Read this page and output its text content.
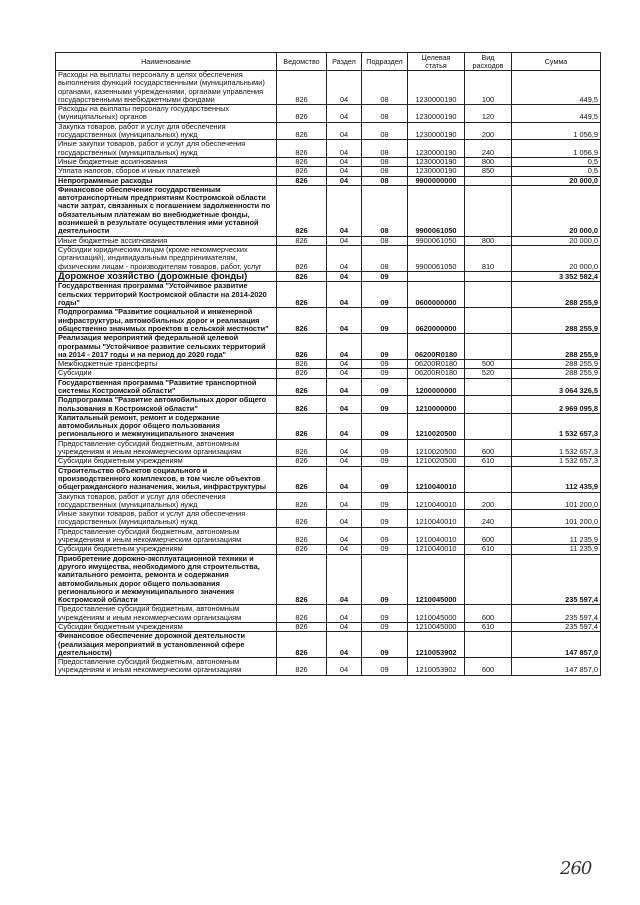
Наименование	Ведомство	Раздел	Подраздел	Целевая статья	Вид расходов	Сумма
Расходы на выплаты персоналу в целях обеспечения выполнения функций государственными (муниципальными) органами, казенными учреждениями, органами управления государственными внебюджетными фондами	826	04	08	1230000190	100	449,5
Расходы на выплаты персоналу государственных (муниципальных) органов	826	04	08	1230000190	120	449,5
Закупка товаров, работ и услуг для обеспечения государственных (муниципальных) нужд	826	04	08	1230000190	200	1 056,9
Иные закупки товаров, работ и услуг для обеспечения государственных (муниципальных) нужд	826	04	08	1230000190	240	1 056,9
Иные бюджетные ассигнования	826	04	08	1230000190	800	0,5
Уплата налогов, сборов и иных платежей	826	04	08	1230000190	850	0,5
Непрограммные расходы	826	04	08	9900000000		20 000,0
Финансовое обеспечение государственным автотранспортным предприятиям Костромской области части затрат, связанных с погашением задолженности по обязательным платежам во внебюджетные фонды, возникшей в результате осуществления ими уставной деятельности	826	04	08	9900061050		20 000,0
Иные бюджетные ассигнования	826	04	08	9900061050	800	20 000,0
Субсидии юридическим лицам (кроме некоммерческих организаций), индивидуальным предпринимателям, физическим лицам - производителям товаров, работ, услуг	826	04	08	9900061050	810	20 000,0
Дорожное хозяйство (дорожные фонды)	826	04	09			3 352 582,4
Государственная программа "Устойчивое развитие сельских территорий Костромской области на 2014-2020 годы"	826	04	09	0600000000		288 255,9
Подпрограмма "Развитие социальной и инженерной инфраструктуры, автомобильных дорог и реализация общественно значимых проектов в сельской местности"	826	04	09	0620000000		288 255,9
Реализация мероприятий федеральной целевой программы "Устойчивое развитие сельских территорий на 2014 - 2017 годы и на период до 2020 года"	826	04	09	06200R0180		288 255,9
Межбюджетные трансферты	826	04	09	06200R0180	500	288 255,9
Субсидии	826	04	09	06200R0180	520	288 255,9
Государственная программа "Развитие транспортной системы Костромской области"	826	04	09	1200000000		3 064 326,5
Подпрограмма "Развитие автомобильных дорог общего пользования в Костромской области"	826	04	09	1210000000		2 969 095,8
Капитальный ремонт, ремонт и содержание автомобильных дорог общего пользования регионального и межмуниципального значения	826	04	09	1210020500		1 532 657,3
Предоставление субсидий бюджетным, автономным учреждениям и иным некоммерческим организациям	826	04	09	1210020500	600	1 532 657,3
Субсидии бюджетным учреждениям	826	04	09	1210020500	610	1 532 657,3
Строительство объектов социального и производственного комплексов, в том числе объектов общегражданского назначения, жилья, инфраструктуры	826	04	09	1210040010		112 435,9
Закупка товаров, работ и услуг для обеспечения государственных (муниципальных) нужд	826	04	09	1210040010	200	101 200,0
Иные закупки товаров, работ и услуг для обеспечения государственных (муниципальных) нужд	826	04	09	1210040010	240	101 200,0
Предоставление субсидий бюджетным, автономным учреждениям и иным некоммерческим организациям	826	04	09	1210040010	600	11 235,9
Субсидии бюджетным учреждениям	826	04	09	1210040010	610	11 235,9
Приобретение дорожно-эксплуатационной техники и другого имущества, необходимого для строительства, капитального ремонта, ремонта и содержания автомобильных дорог общего пользования регионального и межмуниципального значения Костромской области	826	04	09	1210045000		235 597,4
Предоставление субсидий бюджетным, автономным учреждениям и иным некоммерческим организациям	826	04	09	1210045000	600	235 597,4
Субсидии бюджетным учреждениям	826	04	09	1210045000	610	235 597,4
Финансовое обеспечение дорожной деятельности (реализация мероприятий в установленной сфере деятельности)	826	04	09	1210053902		147 857,0
Предоставление субсидий бюджетным, автономным учреждениям и иным некоммерческим организациям	826	04	09	1210053902	600	147 857,0
260
